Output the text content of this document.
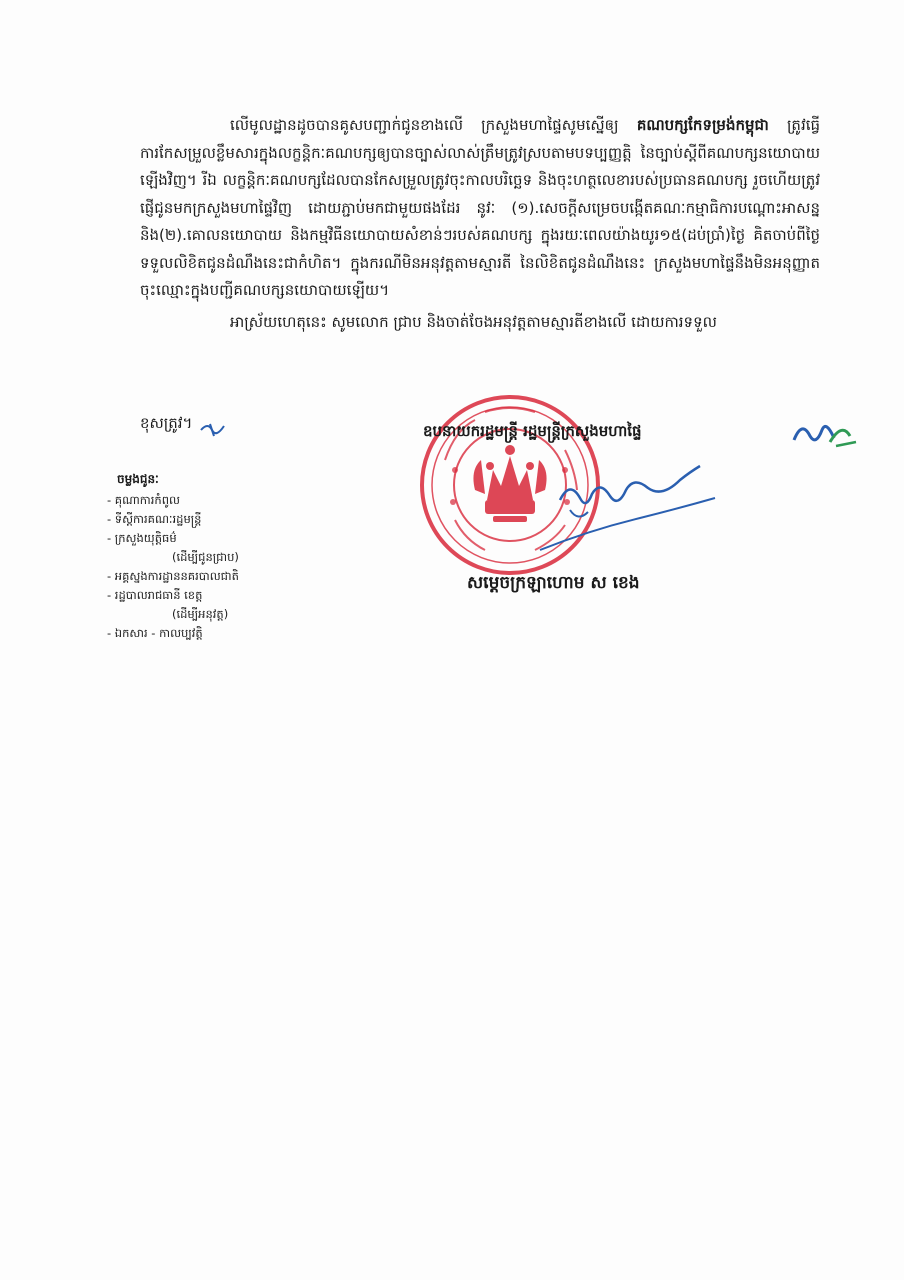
លើមូលដ្ឋានដូចបានគូសបញ្ជាក់ជូនខាងលើ ក្រសួងមហាផ្ទៃសូមស្នើឲ្យ គណបក្សកែទម្រង់កម្ពុជា ត្រូវធ្វើការកែសម្រួលខ្លឹមសារក្នុងលក្ខន្តិកៈគណបក្សឲ្យបានច្បាស់លាស់ត្រឹមត្រូវស្របតាមបទប្បញ្ញត្តិ នៃច្បាប់ស្តីពីគណបក្សនយោបាយឡើងវិញ។ រីឯ លក្ខន្តិកៈគណបក្សដែលបានកែសម្រួលត្រូវចុះកាលបរិច្ឆេទ និងចុះហត្ថលេខារបស់ប្រធានគណបក្ស រួចហើយត្រូវផ្ញើជូនមកក្រសួងមហាផ្ទៃវិញ ដោយភ្ជាប់មកជាមួយផងដែរ នូវៈ (១).សេចក្តីសម្រេចបង្កើតគណៈកម្មាធិការបណ្តោះអាសន្ន និង(២).គោលនយោបាយ និងកម្មវិធីនយោបាយសំខាន់ៗរបស់គណបក្ស ក្នុងរយៈពេលយ៉ាងយូរ១៥(ដប់ប្រាំ)ថ្ងៃ គិតចាប់ពីថ្ងៃទទួលលិខិតជូនដំណឹងនេះជាកំហិត។ ក្នុងករណីមិនអនុវត្តតាមស្មារតី នៃលិខិតជូនដំណឹងនេះ ក្រសួងមហាផ្ទៃនឹងមិនអនុញ្ញាតចុះឈ្មោះក្នុងបញ្ជីគណបក្សនយោបាយឡើយ។

អាស្រ័យហេតុនេះ សូមលោក ជ្រាប និងចាត់ចែងអនុវត្តតាមស្មារតីខាងលើ ដោយការទទួល

ខុសត្រូវ។	ឧបនាយករដ្ឋមន្ត្រី រដ្ឋមន្ត្រីក្រសួងមហាផ្ទៃ
សម្តេចក្រឡាហោម ស ខេង
ចម្លងជូនៈ
- គុណាការកំពូល
- ទីស្តីការគណៈរដ្ឋមន្ត្រី
- ក្រសួងយុត្តិធម៌
(ដើម្បីជូនជ្រាប)
- អគ្គស្នងការដ្ឋាននគរបាលជាតិ
- រដ្ឋបាលរាជធានី ខេត្ត
(ដើម្បីអនុវត្ត)
- ឯកសារ - កាលប្បវត្តិ
